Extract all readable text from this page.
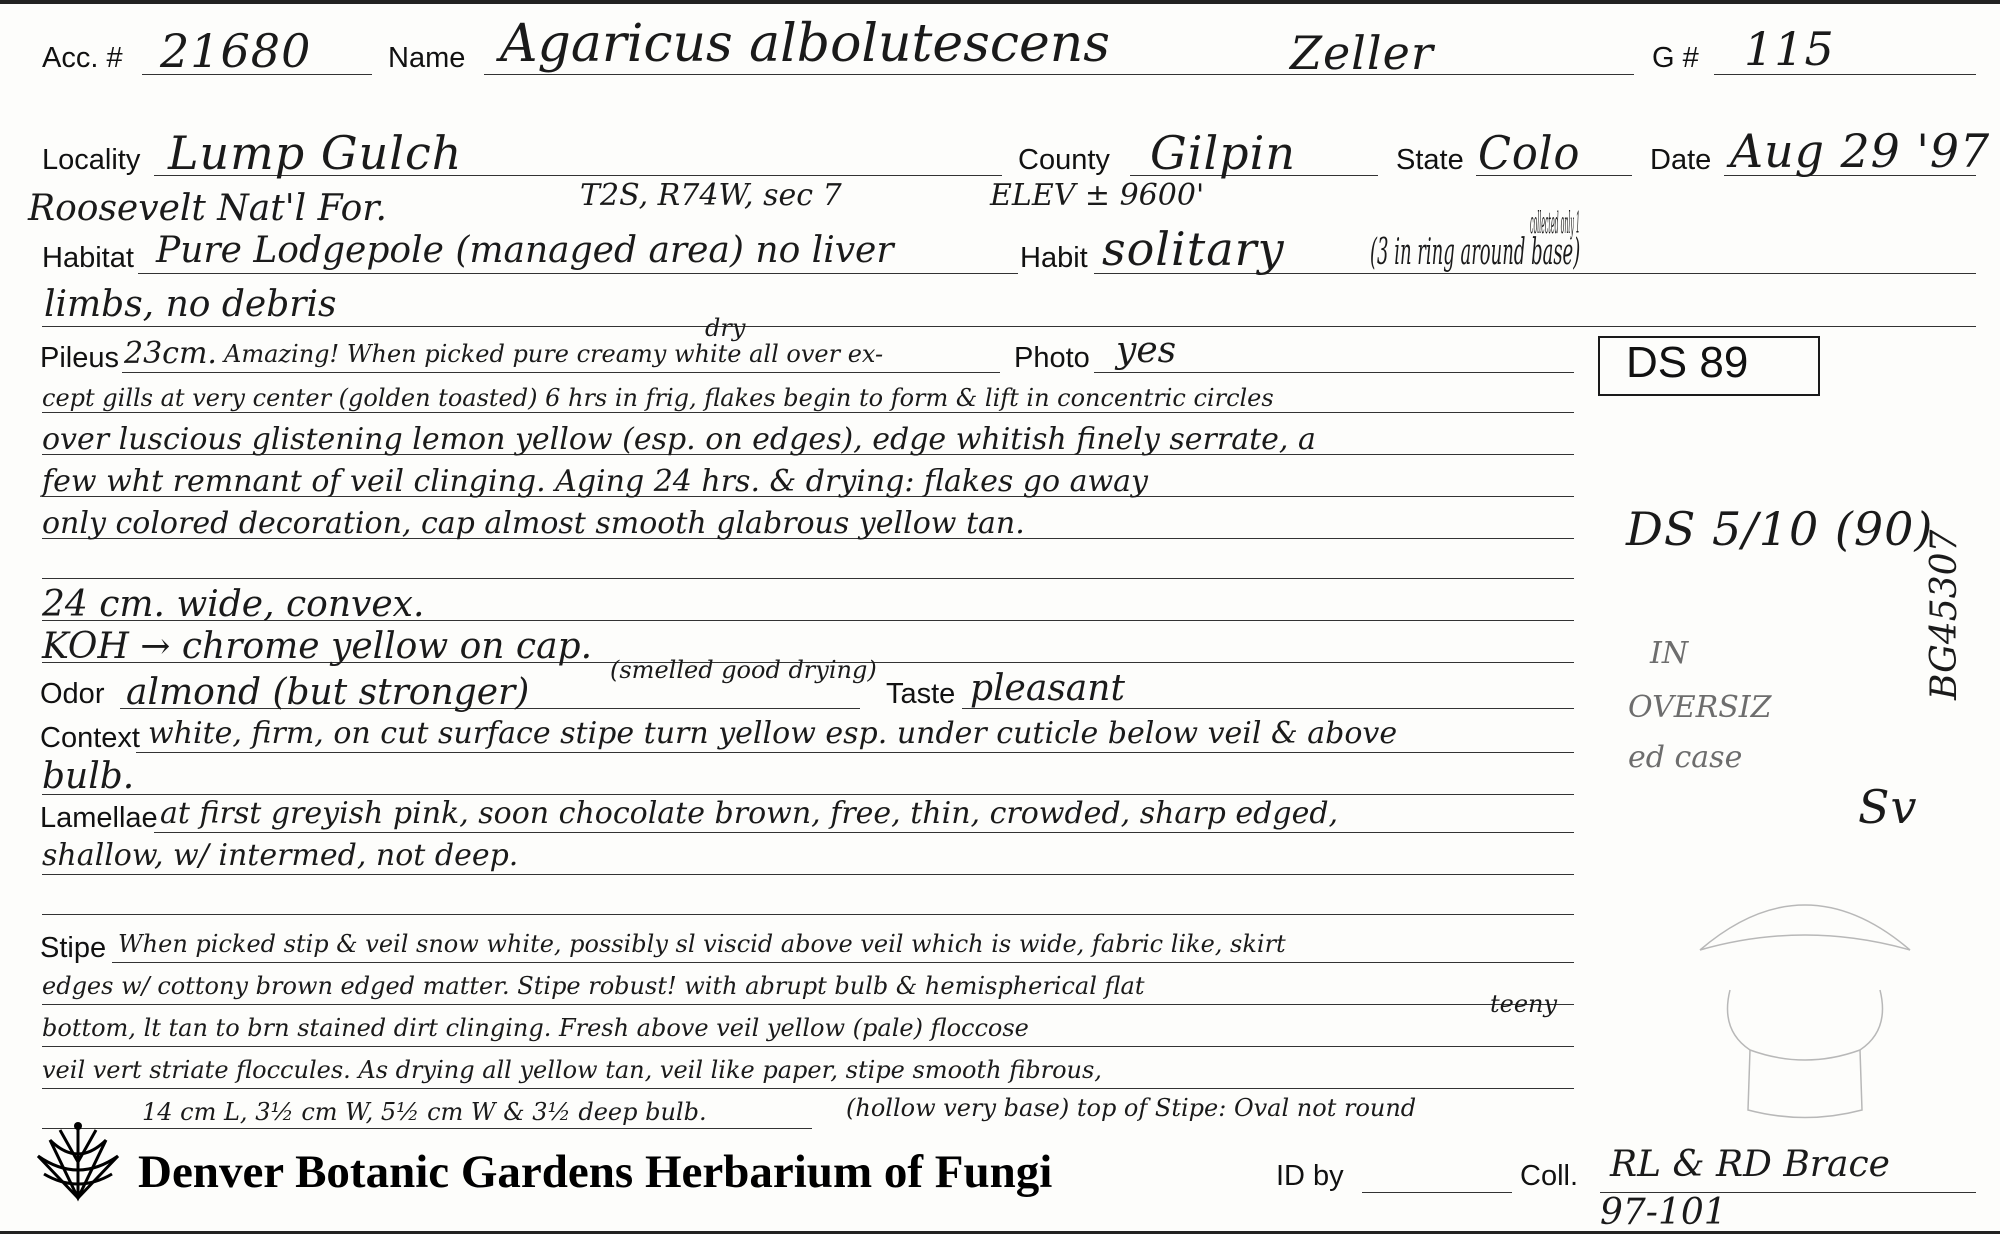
Acc. # 21680	Name Agaricus albolutescens	Zeller	G # 115
Locality Lump Gulch	County Gilpin	State Colo Date Aug 29 '97
Roosevelt Nat'l For.	T2S, R74W, sec 7	ELEV ± 9600'
collected only 1
Habitat Pure Lodgepole (managed area) no liver	Habit solitary (3 in ring around base)
limbs, no debris
dry
Pileus 23cm. Amazing! When picked pure creamy white all over ex-	Photo yes
cept gills at very center (golden toasted) 6 hrs in frig, flakes begin to form & lift in concentric circles
over luscious glistening lemon yellow (esp. on edges), edge whitish finely serrate, a
few wht remnant of veil clinging. Aging 24 hrs. & drying: flakes go away
only colored decoration, cap almost smooth glabrous yellow tan.
24 cm. wide, convex.
KOH → chrome yellow on cap.
Odor almond (but stronger)
(smelled good drying)
Taste pleasant
Context white, firm, on cut surface stipe turn yellow esp. under cuticle below veil & above
bulb.
Lamellae at first greyish pink, soon chocolate brown, free, thin, crowded, sharp edged,
shallow, w/ intermed, not deep.
Stipe When picked stip & veil snow white, possibly sl viscid above veil which is wide, fabric like, skirt
edges w/ cottony brown edged matter. Stipe robust! with abrupt bulb & hemispherical flat
teeny
bottom, lt tan to brn stained dirt clinging. Fresh above veil yellow (pale) floccose
veil vert striate floccules. As drying all yellow tan, veil like paper, stipe smooth fibrous,
14 cm L, 3½ cm W, 5½ cm W & 3½ deep bulb.	(hollow very base) top of Stipe: Oval not round
Denver Botanic Gardens Herbarium of Fungi	ID by	Coll. RL & RD Brace
97-101
DS 89
DS 5/10 (90)
BG45307
IN
OVERSIZ
ed case
Sv
